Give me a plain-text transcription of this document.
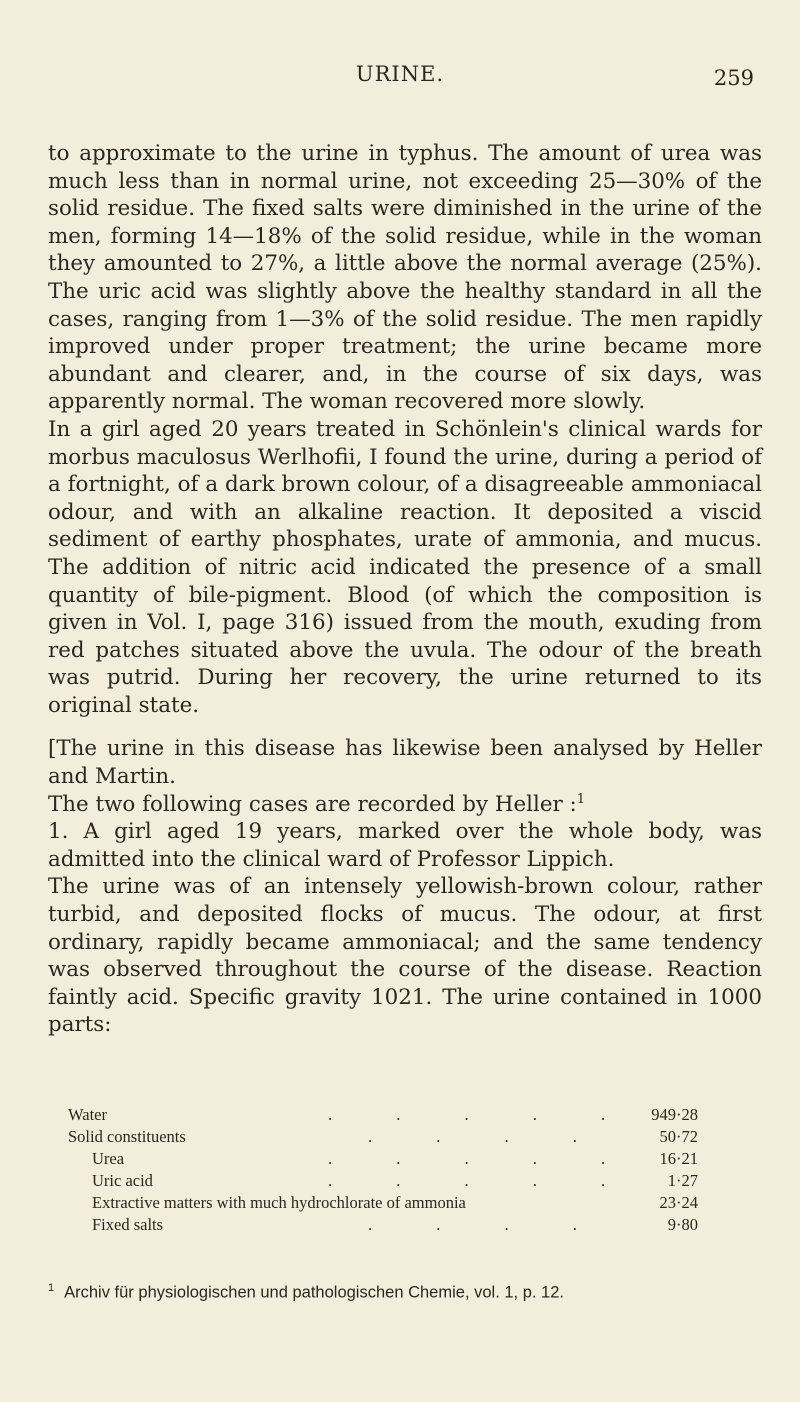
URINE.	259

to approximate to the urine in typhus. The amount of urea was much less than in normal urine, not exceeding 25—30% of the solid residue. The fixed salts were diminished in the urine of the men, forming 14—18% of the solid residue, while in the woman they amounted to 27%, a little above the normal average (25%). The uric acid was slightly above the healthy standard in all the cases, ranging from 1—3% of the solid residue. The men rapidly improved under proper treatment; the urine became more abundant and clearer, and, in the course of six days, was apparently normal. The woman recovered more slowly.

In a girl aged 20 years treated in Schönlein's clinical wards for morbus maculosus Werlhofii, I found the urine, during a period of a fortnight, of a dark brown colour, of a disagreeable ammoniacal odour, and with an alkaline reaction. It deposited a viscid sediment of earthy phosphates, urate of ammonia, and mucus. The addition of nitric acid indicated the presence of a small quantity of bile-pigment. Blood (of which the composition is given in Vol. I, page 316) issued from the mouth, exuding from red patches situated above the uvula. The odour of the breath was putrid. During her recovery, the urine returned to its original state.

[The urine in this disease has likewise been analysed by Heller and Martin.

The two following cases are recorded by Heller :$^1$

1. A girl aged 19 years, marked over the whole body, was admitted into the clinical ward of Professor Lippich.

The urine was of an intensely yellowish-brown colour, rather turbid, and deposited flocks of mucus. The odour, at first ordinary, rapidly became ammoniacal; and the same tendency was observed throughout the course of the disease. Reaction faintly acid. Specific gravity 1021. The urine contained in 1000 parts:

Water	. . . . . 949·28
Solid constituents	. . . .	50·72
Urea	. . . . . 16·21
Uric acid	. . . . . 1·27
Extractive matters with much hydrochlorate of ammonia	23·24
Fixed salts	. . . .	9·80
$^1$ Archiv für physiologischen und pathologischen Chemie, vol. 1, p. 12.
